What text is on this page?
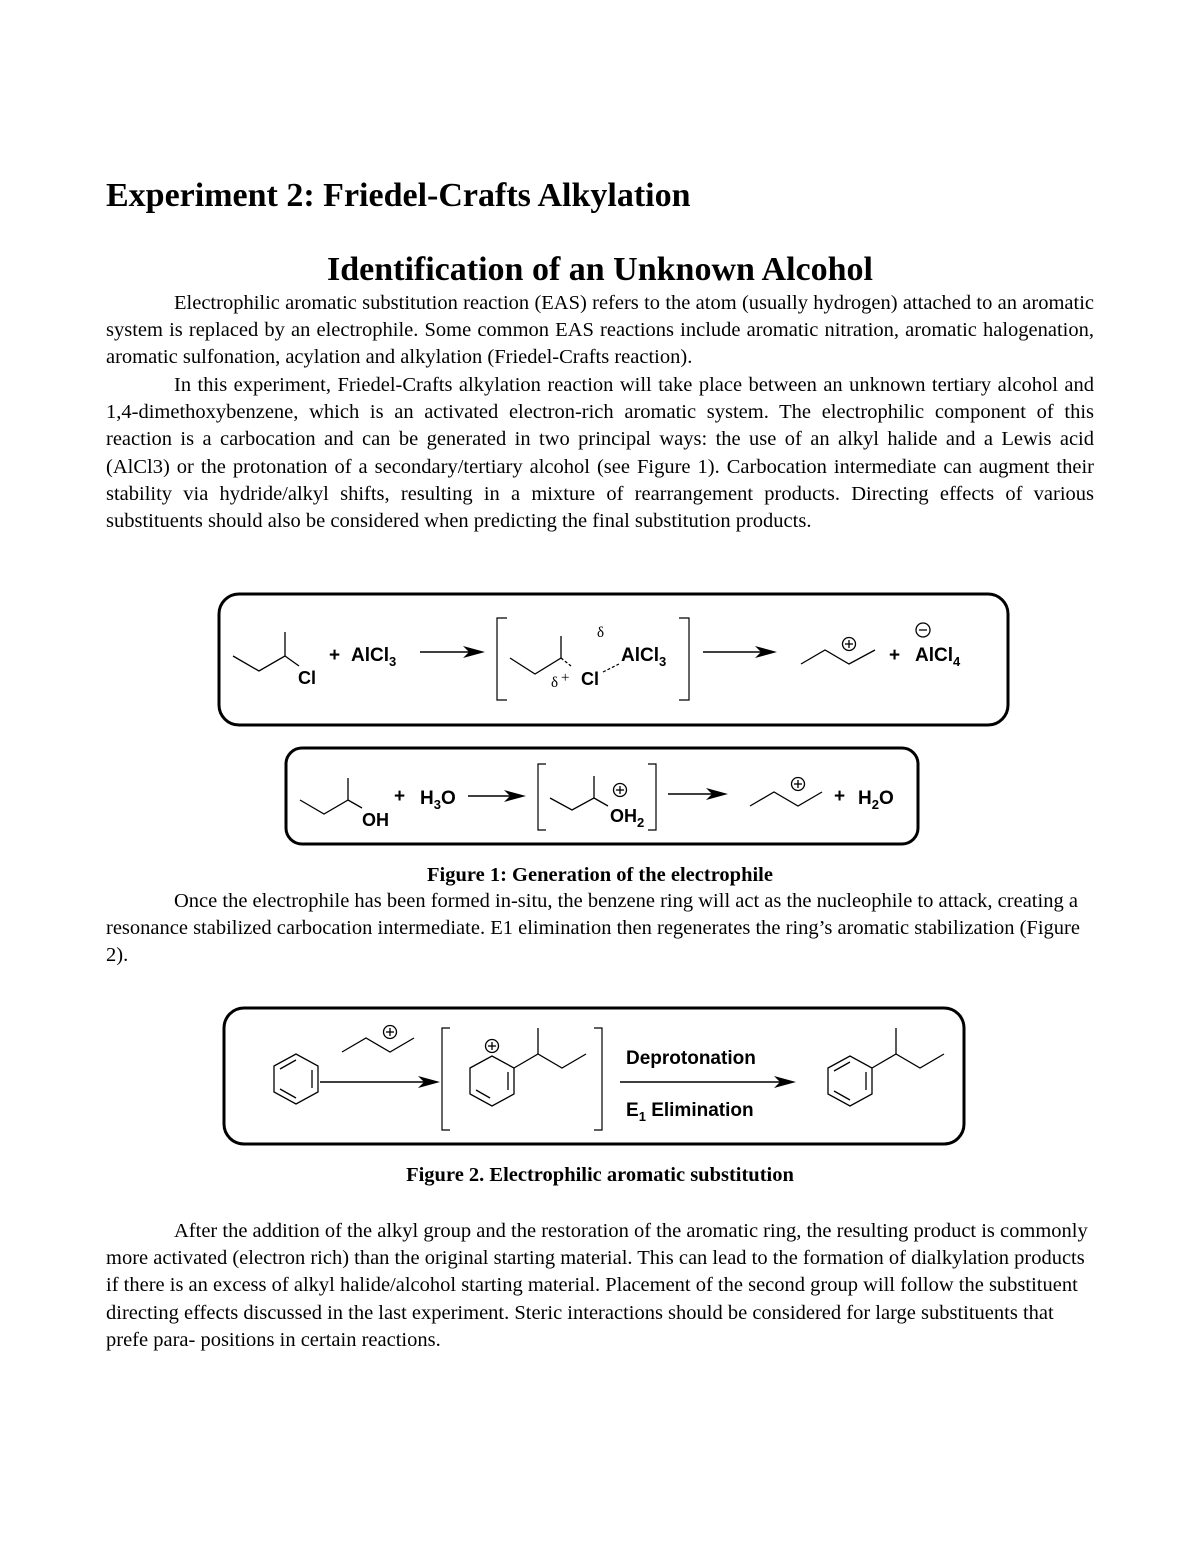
Experiment 2: Friedel-Crafts Alkylation
Identification of an Unknown Alcohol

Electrophilic aromatic substitution reaction (EAS) refers to the atom (usually hydrogen) attached to an aromatic system is replaced by an electrophile. Some common EAS reactions include aromatic nitration, aromatic halogenation, aromatic sulfonation, acylation and alkylation (Friedel-Crafts reaction).

In this experiment, Friedel-Crafts alkylation reaction will take place between an unknown tertiary alcohol and 1,4-dimethoxybenzene, which is an activated electron-rich aromatic system. The electrophilic component of this reaction is a carbocation and can be generated in two principal ways: the use of an alkyl halide and a Lewis acid (AlCl3) or the protonation of a secondary/tertiary alcohol (see Figure 1). Carbocation intermediate can augment their stability via hydride/alkyl shifts, resulting in a mixture of rearrangement products. Directing effects of various substituents should also be considered when predicting the final substitution products.

Cl
+ AlCl$_3$
δ + Cl
δ
AlCl$_3$	+ AlCl$_4$
OH
+ $H_3O$
$OH_2$
+ $H_2O$

Figure 1: Generation of the electrophile

Once the electrophile has been formed in-situ, the benzene ring will act as the nucleophile to attack, creating a resonance stabilized carbocation intermediate. E1 elimination then regenerates the ring’s aromatic stabilization (Figure 2).

Deprotonation
$E_1$ Elimination

Figure 2. Electrophilic aromatic substitution

After the addition of the alkyl group and the restoration of the aromatic ring, the resulting product is commonly more activated (electron rich) than the original starting material. This can lead to the formation of dialkylation products if there is an excess of alkyl halide/alcohol starting material. Placement of the second group will follow the substituent directing effects discussed in the last experiment. Steric interactions should be considered for large substituents that prefe para- positions in certain reactions.
